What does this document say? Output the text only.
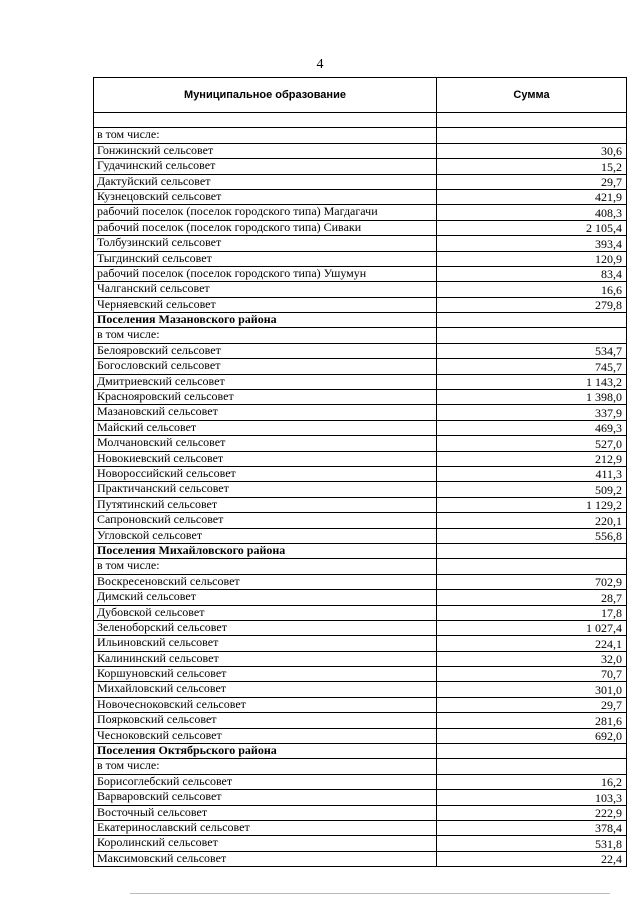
4
Муниципальное образование	Сумма

в том числе:	
Гонжинский сельсовет	30,6
Гудачинский сельсовет	15,2
Дактуйский сельсовет	29,7
Кузнецовский сельсовет	421,9
рабочий поселок (поселок городского типа) Магдагачи	408,3
рабочий поселок (поселок городского типа) Сиваки	2 105,4
Толбузинский сельсовет	393,4
Тыгдинский сельсовет	120,9
рабочий поселок (поселок городского типа) Ушумун	83,4
Чалганский сельсовет	16,6
Черняевский сельсовет	279,8
Поселения Мазановского района	
в том числе:	
Белояровский сельсовет	534,7
Богословский сельсовет	745,7
Дмитриевский сельсовет	1 143,2
Краснояровский сельсовет	1 398,0
Мазановский сельсовет	337,9
Майский сельсовет	469,3
Молчановский сельсовет	527,0
Новокиевский сельсовет	212,9
Новороссийский сельсовет	411,3
Практичанский сельсовет	509,2
Путятинский сельсовет	1 129,2
Сапроновский сельсовет	220,1
Угловской сельсовет	556,8
Поселения Михайловского района	
в том числе:	
Воскресеновский сельсовет	702,9
Димский сельсовет	28,7
Дубовской сельсовет	17,8
Зеленоборский сельсовет	1 027,4
Ильиновский сельсовет	224,1
Калининский сельсовет	32,0
Коршуновский сельсовет	70,7
Михайловский сельсовет	301,0
Новочесноковский сельсовет	29,7
Поярковский сельсовет	281,6
Чесноковский сельсовет	692,0
Поселения Октябрьского района	
в том числе:	
Борисоглебский сельсовет	16,2
Варваровский сельсовет	103,3
Восточный сельсовет	222,9
Екатеринославский сельсовет	378,4
Королинский сельсовет	531,8
Максимовский сельсовет	22,4
